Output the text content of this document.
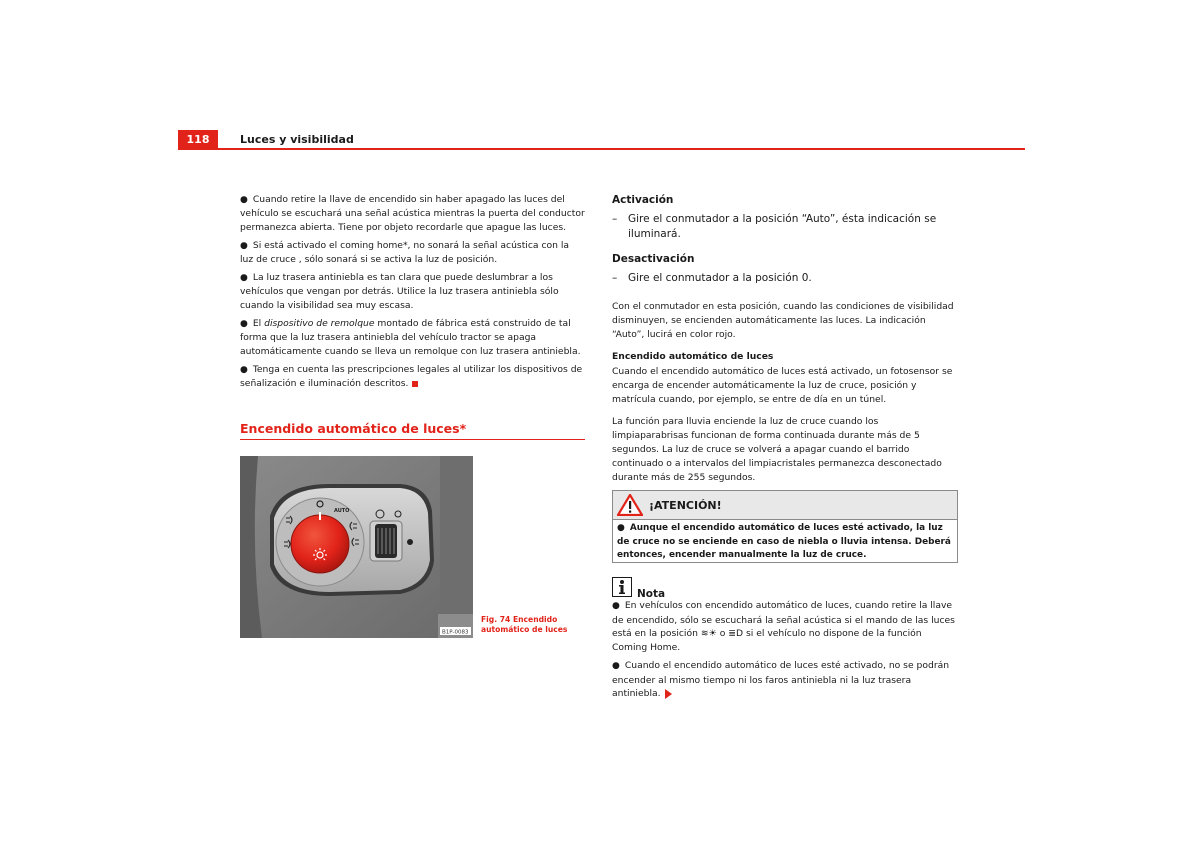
118	Luces y visibilidad

● Cuando retire la llave de encendido sin haber apagado las luces del vehículo se escuchará una señal acústica mientras la puerta del conductor permanezca abierta. Tiene por objeto recordarle que apague las luces.

● Si está activado el coming home*, no sonará la señal acústica con la luz de cruce , sólo sonará si se activa la luz de posición.

● La luz trasera antiniebla es tan clara que puede deslumbrar a los vehículos que vengan por detrás. Utilice la luz trasera antiniebla sólo cuando la visibilidad sea muy escasa.

● El dispositivo de remolque montado de fábrica está construido de tal forma que la luz trasera antiniebla del vehículo tractor se apaga automáticamente cuando se lleva un remolque con luz trasera antiniebla.

● Tenga en cuenta las prescripciones legales al utilizar los dispositivos de señalización e iluminación descritos.

Encendido automático de luces*
AUTO
B1P-0083
Fig. 74 Encendido automático de luces

Activación

–	Gire el conmutador a la posición “Auto”, ésta indicación se iluminará.

Desactivación

–	Gire el conmutador a la posición 0.

Con el conmutador en esta posición, cuando las condiciones de visibilidad disminuyen, se encienden automáticamente las luces. La indicación “Auto”, lucirá en color rojo.

Encendido automático de luces

Cuando el encendido automático de luces está activado, un fotosensor se encarga de encender automáticamente la luz de cruce, posición y matrícula cuando, por ejemplo, se entre de día en un túnel.

La función para lluvia enciende la luz de cruce cuando los limpiaparabrisas funcionan de forma continuada durante más de 5 segundos. La luz de cruce se volverá a apagar cuando el barrido continuado o a intervalos del limpiacristales permanezca desconectado durante más de 255 segundos.

¡ATENCIÓN!
● Aunque el encendido automático de luces esté activado, la luz de cruce no se enciende en caso de niebla o lluvia intensa. Deberá entonces, encender manualmente la luz de cruce.
Nota

● En vehículos con encendido automático de luces, cuando retire la llave de encendido, sólo se escuchará la señal acústica si el mando de las luces está en la posición ≋☀ o ≣D si el vehículo no dispone de la función Coming Home.

● Cuando el encendido automático de luces esté activado, no se podrán encender al mismo tiempo ni los faros antiniebla ni la luz trasera antiniebla.
